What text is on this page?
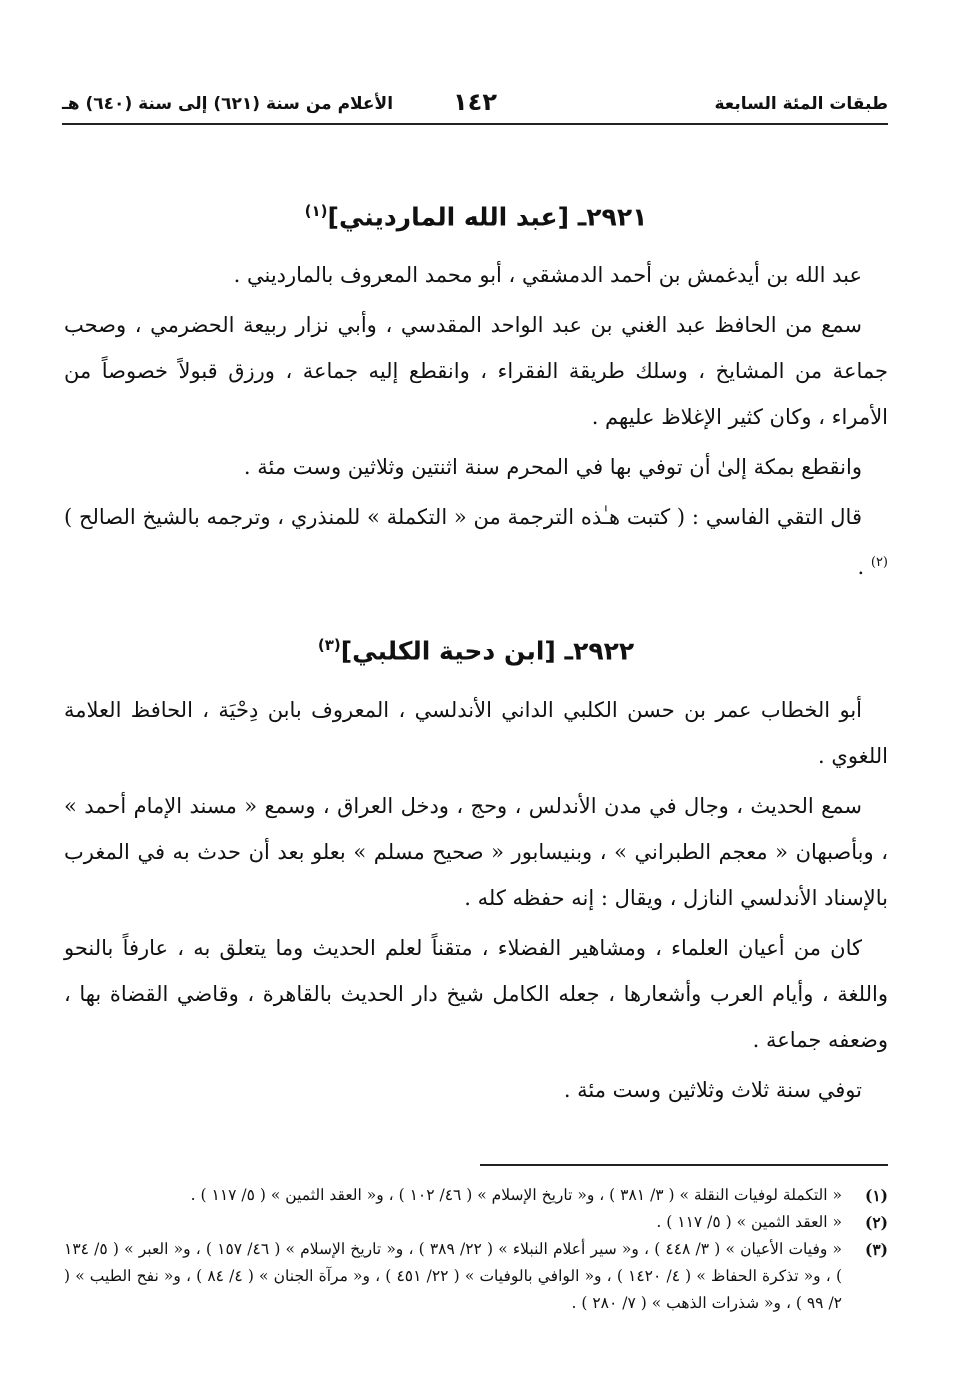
طبقات المئة السابعة
١٤٢
الأعلام من سنة (٦٢١) إلى سنة (٦٤٠) هـ
٢٩٢١ـ [عبد الله المارديني]$^{(١)}$

عبد الله بن أيدغمش بن أحمد الدمشقي ، أبو محمد المعروف بالمارديني .

سمع من الحافظ عبد الغني بن عبد الواحد المقدسي ، وأبي نزار ربيعة الحضرمي ، وصحب جماعة من المشايخ ، وسلك طريقة الفقراء ، وانقطع إليه جماعة ، ورزق قبولاً خصوصاً من الأمراء ، وكان كثير الإغلاظ عليهم .

وانقطع بمكة إلىٰ أن توفي بها في المحرم سنة اثنتين وثلاثين وست مئة .

قال التقي الفاسي : ( كتبت هـٰذه الترجمة من « التكملة » للمنذري ، وترجمه بالشيخ الصالح )$^{(٢)}$ .

٢٩٢٢ـ [ابن دحية الكلبي]$^{(٣)}$

أبو الخطاب عمر بن حسن الكلبي الداني الأندلسي ، المعروف بابن دِحْيَة ، الحافظ العلامة اللغوي .

سمع الحديث ، وجال في مدن الأندلس ، وحج ، ودخل العراق ، وسمع « مسند الإمام أحمد » ، وبأصبهان « معجم الطبراني » ، وبنيسابور « صحيح مسلم » بعلو بعد أن حدث به في المغرب بالإسناد الأندلسي النازل ، ويقال : إنه حفظه كله .

كان من أعيان العلماء ، ومشاهير الفضلاء ، متقناً لعلم الحديث وما يتعلق به ، عارفاً بالنحو واللغة ، وأيام العرب وأشعارها ، جعله الكامل شيخ دار الحديث بالقاهرة ، وقاضي القضاة بها ، وضعفه جماعة .

توفي سنة ثلاث وثلاثين وست مئة .

(١)
« التكملة لوفيات النقلة » ( ٣/ ٣٨١ ) ، و« تاريخ الإسلام » ( ٤٦/ ١٠٢ ) ، و« العقد الثمين » ( ٥/ ١١٧ ) .
(٢)
« العقد الثمين » ( ٥/ ١١٧ ) .
(٣)
« وفيات الأعيان » ( ٣/ ٤٤٨ ) ، و« سير أعلام النبلاء » ( ٢٢/ ٣٨٩ ) ، و« تاريخ الإسلام » ( ٤٦/ ١٥٧ ) ، و« العبر » ( ٥/ ١٣٤ ) ، و« تذكرة الحفاظ » ( ٤/ ١٤٢٠ ) ، و« الوافي بالوفيات » ( ٢٢/ ٤٥١ ) ، و« مرآة الجنان » ( ٤/ ٨٤ ) ، و« نفح الطيب » ( ٢/ ٩٩ ) ، و« شذرات الذهب » ( ٧/ ٢٨٠ ) .
